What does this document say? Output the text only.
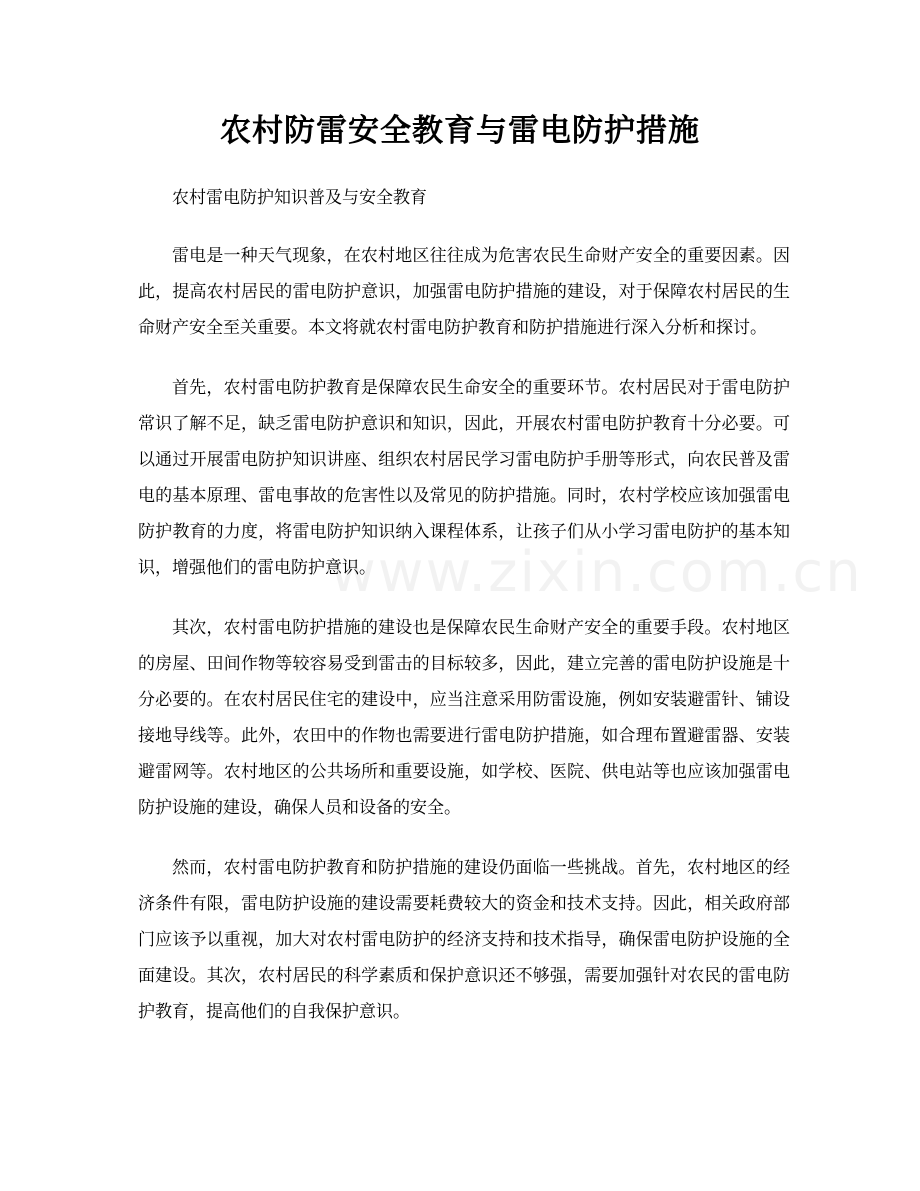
农村防雷安全教育与雷电防护措施

农村雷电防护知识普及与安全教育

雷电是一种天气现象，在农村地区往往成为危害农民生命财产安全的重要因素。因此，提高农村居民的雷电防护意识，加强雷电防护措施的建设，对于保障农村居民的生命财产安全至关重要。本文将就农村雷电防护教育和防护措施进行深入分析和探讨。

首先，农村雷电防护教育是保障农民生命安全的重要环节。农村居民对于雷电防护常识了解不足，缺乏雷电防护意识和知识，因此，开展农村雷电防护教育十分必要。可以通过开展雷电防护知识讲座、组织农村居民学习雷电防护手册等形式，向农民普及雷电的基本原理、雷电事故的危害性以及常见的防护措施。同时，农村学校应该加强雷电防护教育的力度，将雷电防护知识纳入课程体系，让孩子们从小学习雷电防护的基本知识，增强他们的雷电防护意识。

其次，农村雷电防护措施的建设也是保障农民生命财产安全的重要手段。农村地区的房屋、田间作物等较容易受到雷击的目标较多，因此，建立完善的雷电防护设施是十分必要的。在农村居民住宅的建设中，应当注意采用防雷设施，例如安装避雷针、铺设接地导线等。此外，农田中的作物也需要进行雷电防护措施，如合理布置避雷器、安装避雷网等。农村地区的公共场所和重要设施，如学校、医院、供电站等也应该加强雷电防护设施的建设，确保人员和设备的安全。

然而，农村雷电防护教育和防护措施的建设仍面临一些挑战。首先，农村地区的经济条件有限，雷电防护设施的建设需要耗费较大的资金和技术支持。因此，相关政府部门应该予以重视，加大对农村雷电防护的经济支持和技术指导，确保雷电防护设施的全面建设。其次，农村居民的科学素质和保护意识还不够强，需要加强针对农民的雷电防护教育，提高他们的自我保护意识。

www.zixin.com.cn
